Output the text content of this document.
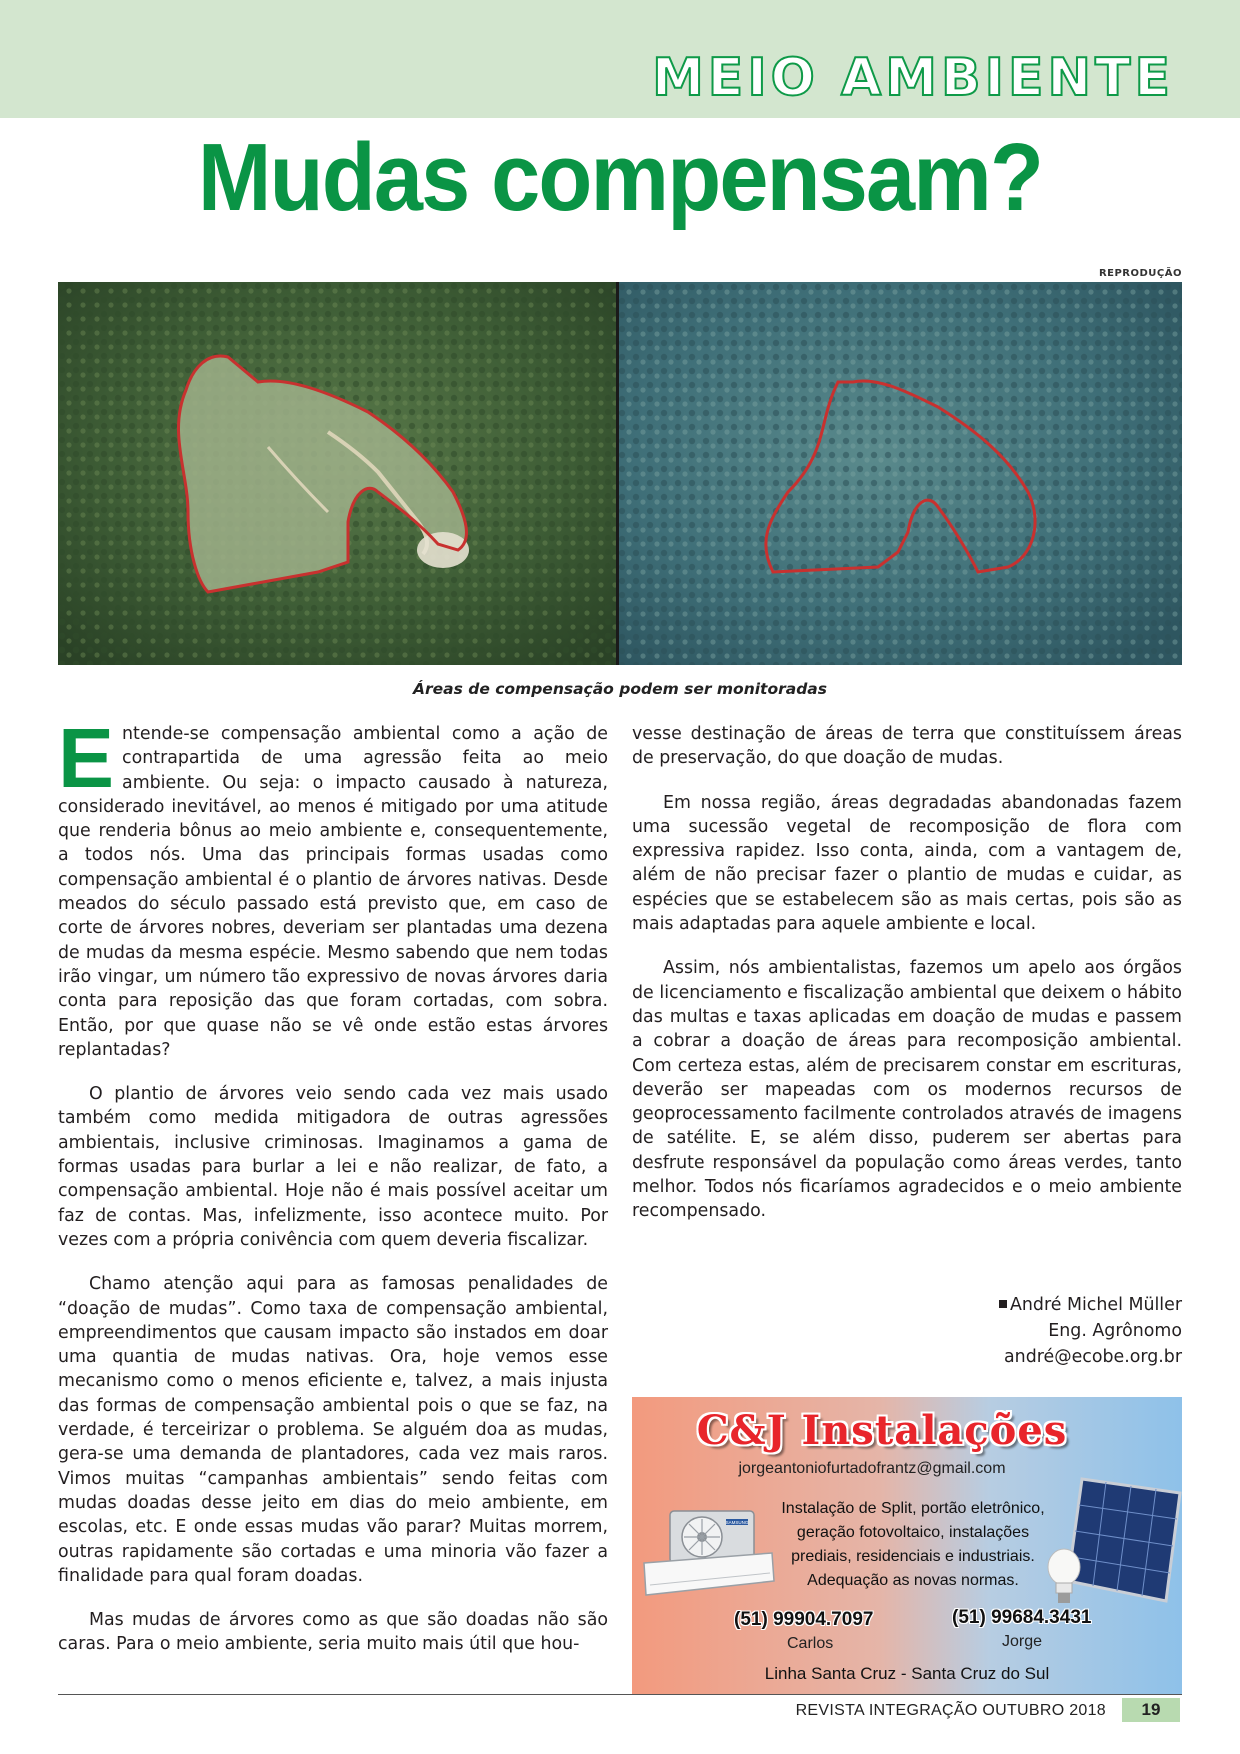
MEIO AMBIENTE
Mudas compensam?
REPRODUÇÃO
Áreas de compensação podem ser monitoradas

Entende-se compensação ambiental como a ação de contrapartida de uma agressão feita ao meio ambiente. Ou seja: o impacto causado à natureza, considerado inevitável, ao menos é mitigado por uma atitude que renderia bônus ao meio ambiente e, consequentemente, a todos nós. Uma das principais formas usadas como compensação ambiental é o plantio de árvores nativas. Desde meados do século passado está previsto que, em caso de corte de árvores nobres, deveriam ser plantadas uma dezena de mudas da mesma espécie. Mesmo sabendo que nem todas irão vingar, um número tão expressivo de novas árvores daria conta para reposição das que foram cortadas, com sobra. Então, por que quase não se vê onde estão estas árvores replantadas?

O plantio de árvores veio sendo cada vez mais usado também como medida mitigadora de outras agressões ambientais, inclusive criminosas. Imaginamos a gama de formas usadas para burlar a lei e não realizar, de fato, a compensação ambiental. Hoje não é mais possível aceitar um faz de contas. Mas, infelizmente, isso acontece muito. Por vezes com a própria conivência com quem deveria fiscalizar.

Chamo atenção aqui para as famosas penalidades de “doação de mudas”. Como taxa de compensação ambiental, empreendimentos que causam impacto são instados em doar uma quantia de mudas nativas. Ora, hoje vemos esse mecanismo como o menos eficiente e, talvez, a mais injusta das formas de compensação ambiental pois o que se faz, na verdade, é terceirizar o problema. Se alguém doa as mudas, gera-se uma demanda de plantadores, cada vez mais raros. Vimos muitas “campanhas ambientais” sendo feitas com mudas doadas desse jeito em dias do meio ambiente, em escolas, etc. E onde essas mudas vão parar? Muitas morrem, outras rapidamente são cortadas e uma minoria vão fazer a finalidade para qual foram doadas.

Mas mudas de árvores como as que são doadas não são caras. Para o meio ambiente, seria muito mais útil que hou-

vesse destinação de áreas de terra que constituíssem áreas de preservação, do que doação de mudas.

Em nossa região, áreas degradadas abandonadas fazem uma sucessão vegetal de recomposição de flora com expressiva rapidez. Isso conta, ainda, com a vantagem de, além de não precisar fazer o plantio de mudas e cuidar, as espécies que se estabelecem são as mais certas, pois são as mais adaptadas para aquele ambiente e local.

Assim, nós ambientalistas, fazemos um apelo aos órgãos de licenciamento e fiscalização ambiental que deixem o hábito das multas e taxas aplicadas em doação de mudas e passem a cobrar a doação de áreas para recomposição ambiental. Com certeza estas, além de precisarem constar em escrituras, deverão ser mapeadas com os modernos recursos de geoprocessamento facilmente controlados através de imagens de satélite. E, se além disso, puderem ser abertas para desfrute responsável da população como áreas verdes, tanto melhor. Todos nós ficaríamos agradecidos e o meio ambiente recompensado.

André Michel Müller
Eng. Agrônomo
andré@ecobe.org.br
C&J Instalações
jorgeantoniofurtadofrantz@gmail.com
SAMSUNG
Instalação de Split, portão eletrônico,
geração fotovoltaico, instalações
prediais, residenciais e industriais.
Adequação as novas normas.
(51) 99904.7097
Carlos
(51) 99684.3431
Jorge
Linha Santa Cruz - Santa Cruz do Sul
REVISTA INTEGRAÇÃO OUTUBRO 2018	19
